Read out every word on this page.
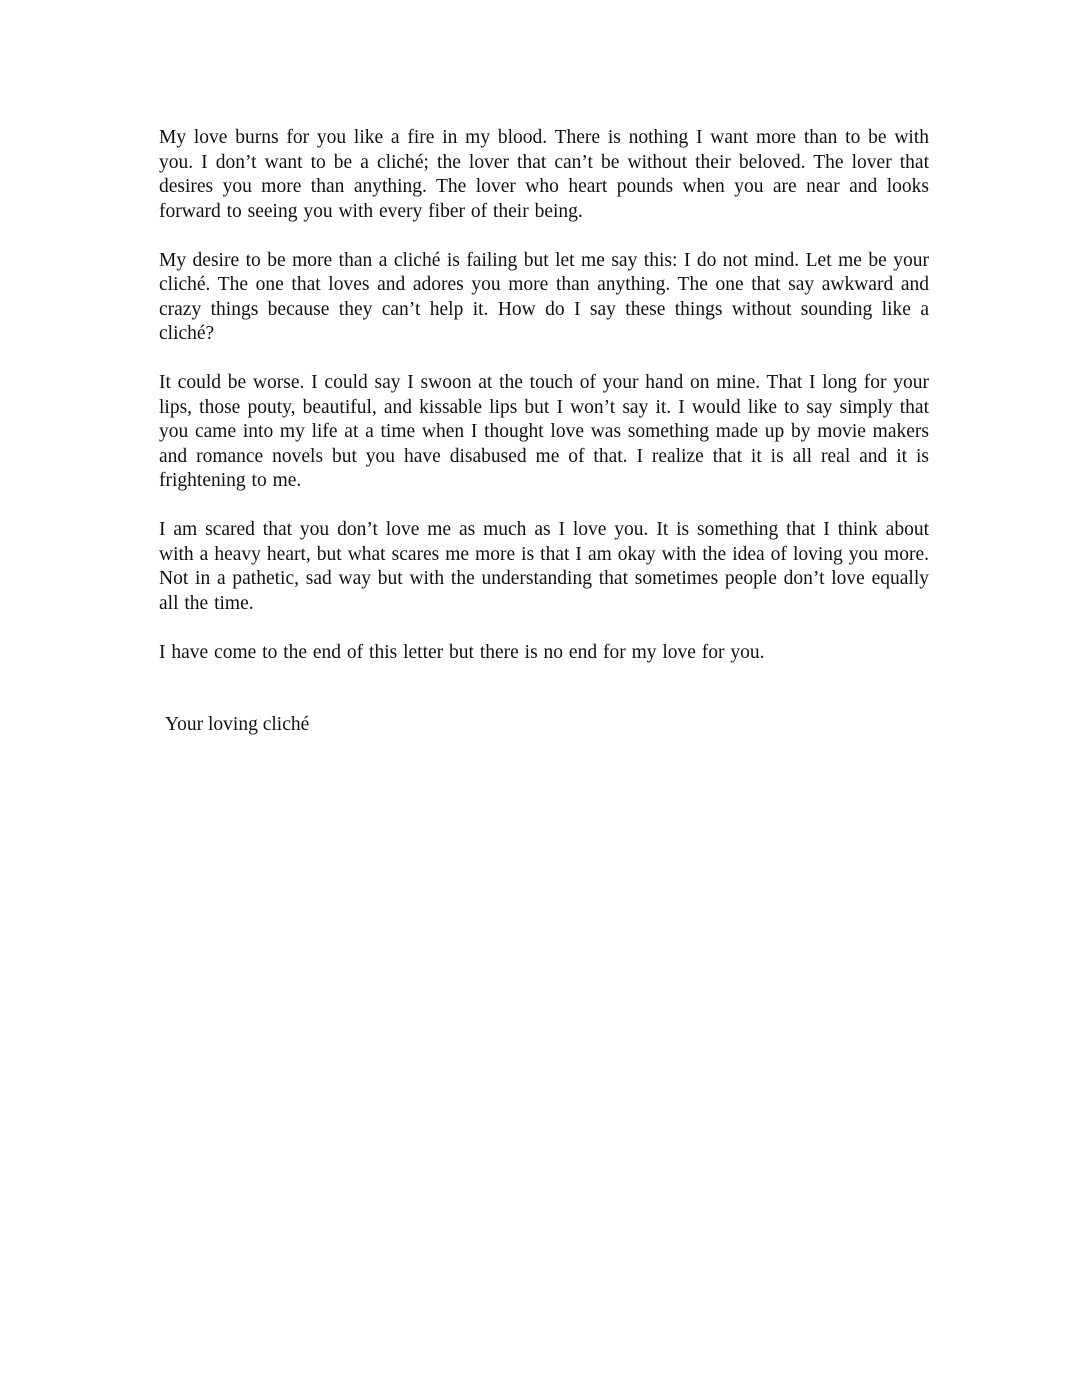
My love burns for you like a fire in my blood. There is nothing I want more than to be with you. I don’t want to be a cliché; the lover that can’t be without their beloved. The lover that desires you more than anything. The lover who heart pounds when you are near and looks forward to seeing you with every fiber of their being.

My desire to be more than a cliché is failing but let me say this: I do not mind. Let me be your cliché. The one that loves and adores you more than anything. The one that say awkward and crazy things because they can’t help it. How do I say these things without sounding like a cliché?

It could be worse. I could say I swoon at the touch of your hand on mine. That I long for your lips, those pouty, beautiful, and kissable lips but I won’t say it. I would like to say simply that you came into my life at a time when I thought love was something made up by movie makers and romance novels but you have disabused me of that. I realize that it is all real and it is frightening to me.

I am scared that you don’t love me as much as I love you. It is something that I think about with a heavy heart, but what scares me more is that I am okay with the idea of loving you more. Not in a pathetic, sad way but with the understanding that sometimes people don’t love equally all the time.

I have come to the end of this letter but there is no end for my love for you.

Your loving cliché
